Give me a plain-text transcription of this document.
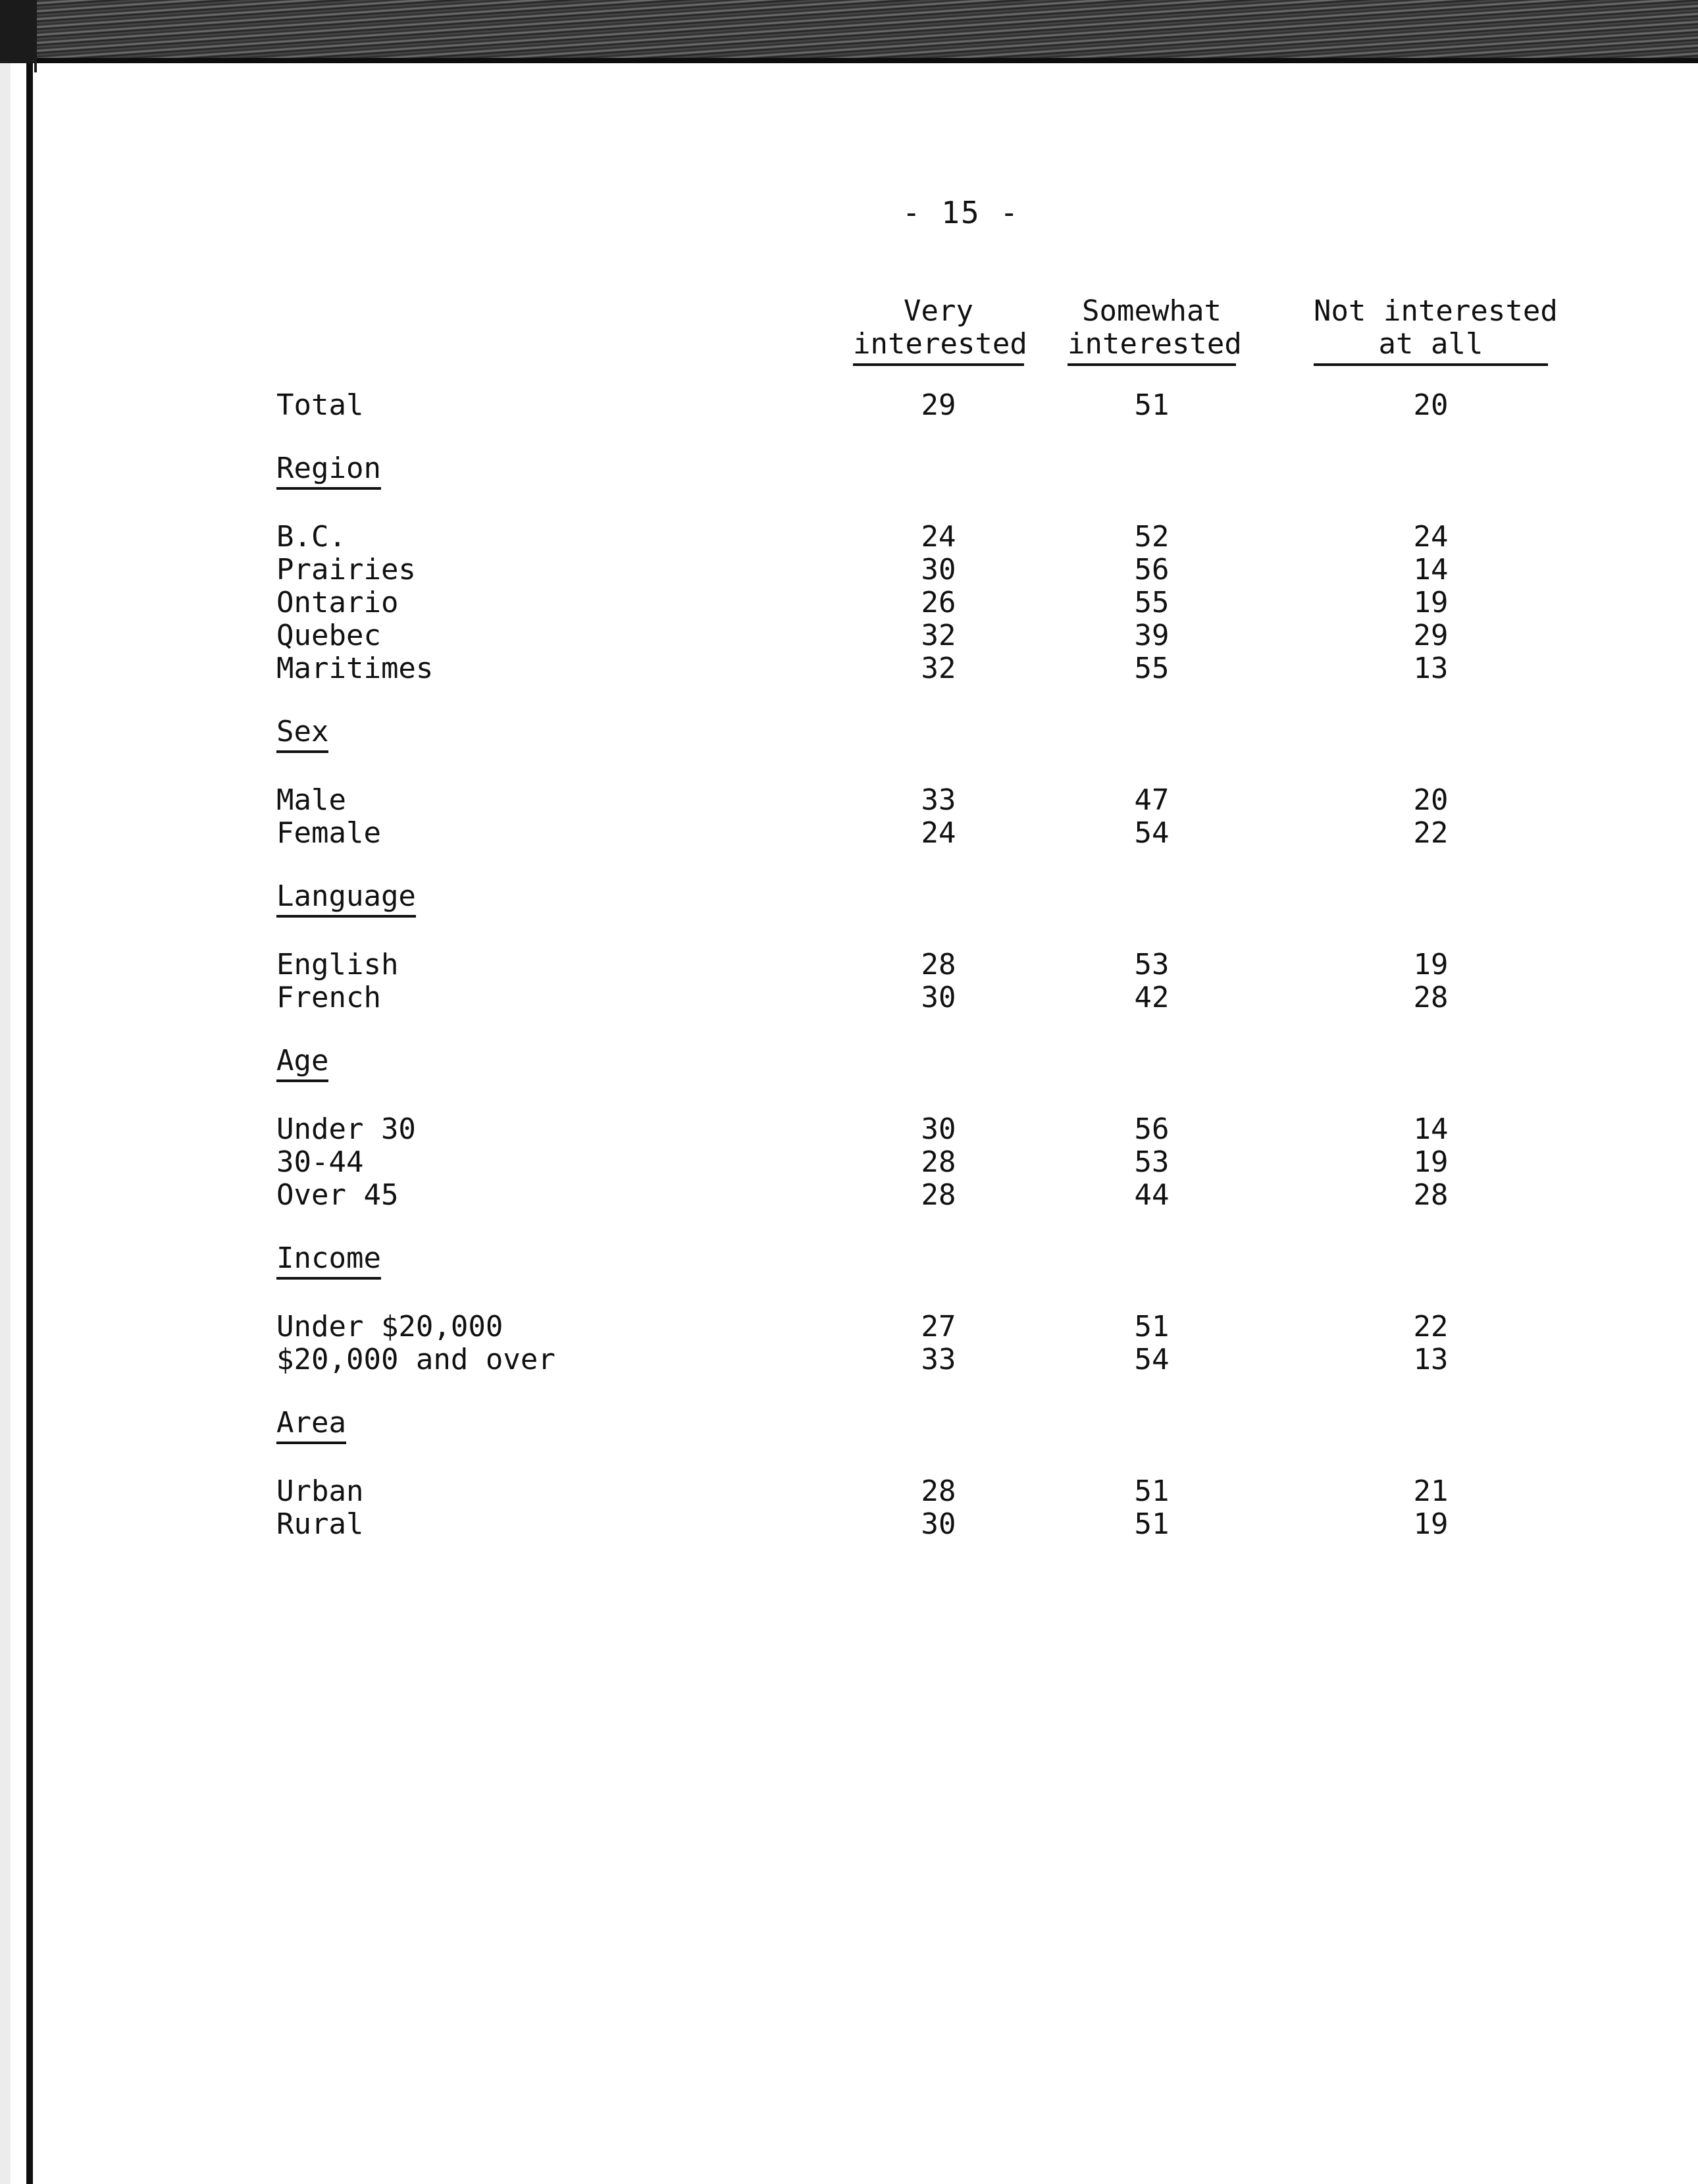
- 15 -
Very
interested
Somewhat
interested
Not interested
at all
Total	29	51	20
Region
B.C.	24	52	24
Prairies	30	56	14
Ontario	26	55	19
Quebec	32	39	29
Maritimes	32	55	13
Sex
Male	33	47	20
Female	24	54	22
Language
English	28	53	19
French	30	42	28
Age
Under 30	30	56	14
30-44	28	53	19
Over 45	28	44	28
Income
Under $20,000	27	51	22
$20,000 and over	33	54	13
Area
Urban	28	51	21
Rural	30	51	19
